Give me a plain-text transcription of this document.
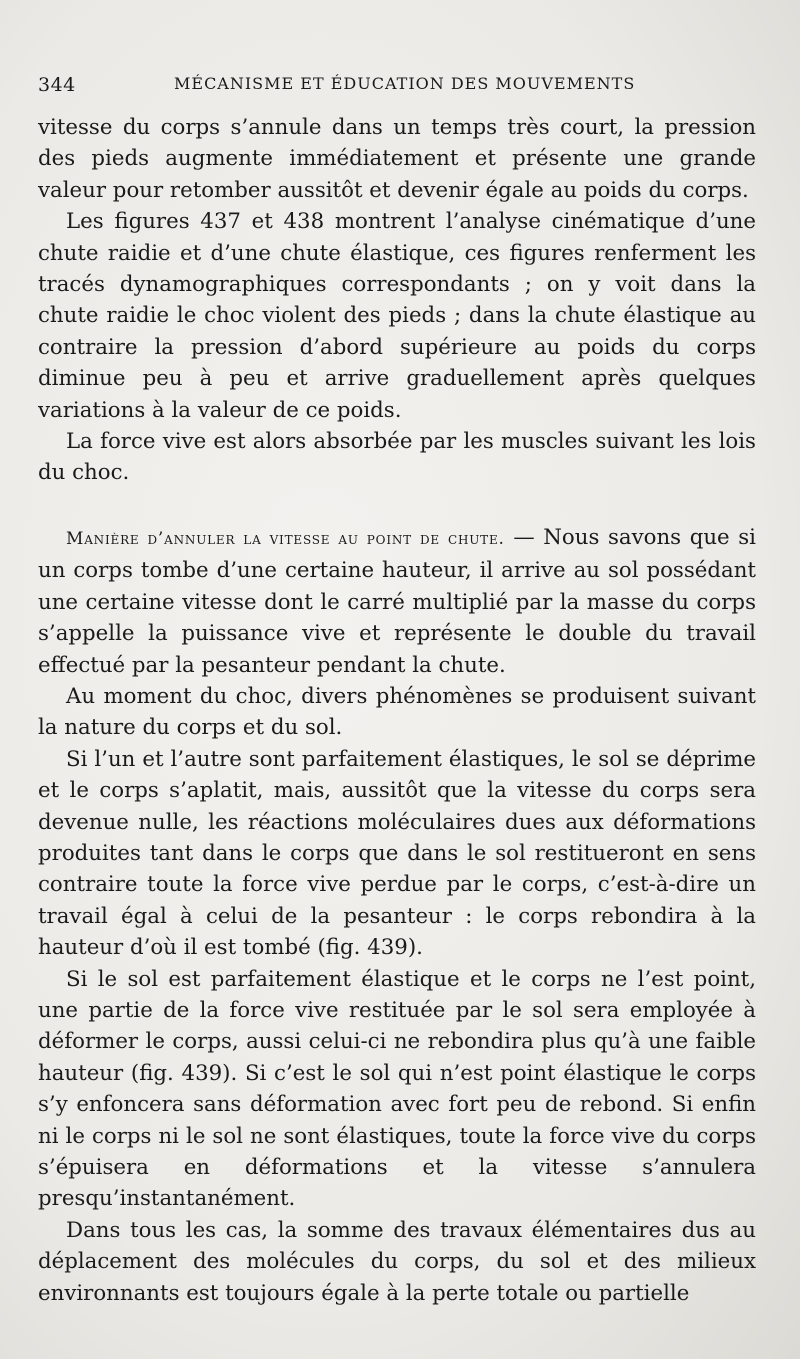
344	MÉCANISME ET ÉDUCATION DES MOUVEMENTS

vitesse du corps s’annule dans un temps très court, la pression des pieds augmente immédiatement et présente une grande valeur pour retomber aussitôt et devenir égale au poids du corps.

Les figures 437 et 438 montrent l’analyse cinématique d’une chute raidie et d’une chute élastique, ces figures renferment les tracés dynamographiques correspondants ; on y voit dans la chute raidie le choc violent des pieds ; dans la chute élastique au contraire la pression d’abord supérieure au poids du corps diminue peu à peu et arrive graduellement après quelques variations à la valeur de ce poids.

La force vive est alors absorbée par les muscles suivant les lois du choc.

Manière d’annuler la vitesse au point de chute. — Nous savons que si un corps tombe d’une certaine hauteur, il arrive au sol possédant une certaine vitesse dont le carré multiplié par la masse du corps s’appelle la puissance vive et représente le double du travail effectué par la pesanteur pendant la chute.

Au moment du choc, divers phénomènes se produisent suivant la nature du corps et du sol.

Si l’un et l’autre sont parfaitement élastiques, le sol se déprime et le corps s’aplatit, mais, aussitôt que la vitesse du corps sera devenue nulle, les réactions moléculaires dues aux déformations produites tant dans le corps que dans le sol restitueront en sens contraire toute la force vive perdue par le corps, c’est-à-dire un travail égal à celui de la pesanteur : le corps rebondira à la hauteur d’où il est tombé (fig. 439).

Si le sol est parfaitement élastique et le corps ne l’est point, une partie de la force vive restituée par le sol sera employée à déformer le corps, aussi celui-ci ne rebondira plus qu’à une faible hauteur (fig. 439). Si c’est le sol qui n’est point élastique le corps s’y enfoncera sans déformation avec fort peu de rebond. Si enfin ni le corps ni le sol ne sont élastiques, toute la force vive du corps s’épuisera en déformations et la vitesse s’annulera presqu’instantanément.

Dans tous les cas, la somme des travaux élémentaires dus au déplacement des molécules du corps, du sol et des milieux environnants est toujours égale à la perte totale ou partielle
